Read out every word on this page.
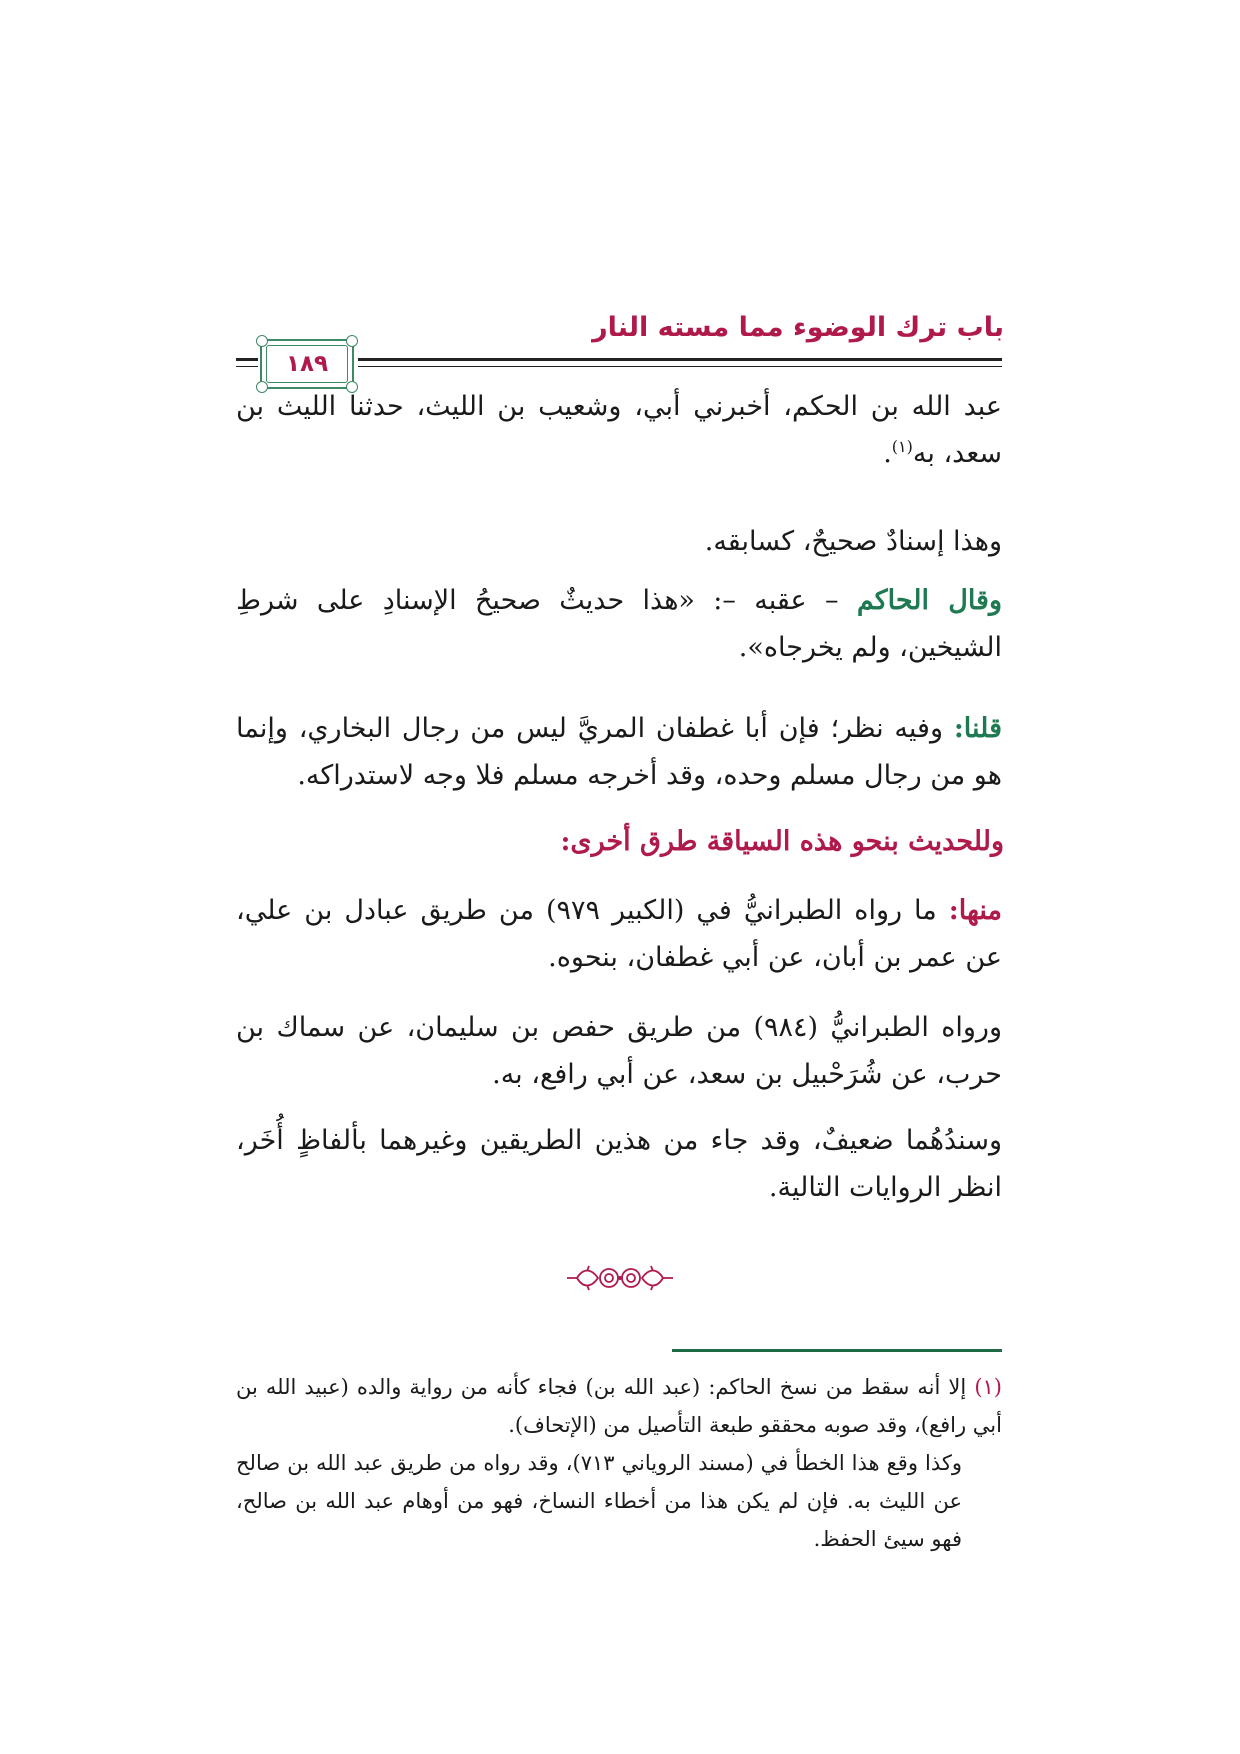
باب ترك الوضوء مما مسته النار
١٨٩

عبد الله بن الحكم، أخبرني أبي، وشعيب بن الليث، حدثنا الليث بن سعد، به$^{(١)}$.

وهذا إسنادٌ صحيحٌ، كسابقه.

وقال الحاكم – عقبه –: «هذا حديثٌ صحيحُ الإسنادِ على شرطِ الشيخين، ولم يخرجاه».

قلنا: وفيه نظر؛ فإن أبا غطفان المريَّ ليس من رجال البخاري، وإنما هو من رجال مسلم وحده، وقد أخرجه مسلم فلا وجه لاستدراكه.

وللحديث بنحو هذه السياقة طرق أخرى:

منها: ما رواه الطبرانيُّ في (الكبير ٩٧٩) من طريق عبادل بن علي، عن عمر بن أبان، عن أبي غطفان، بنحوه.

ورواه الطبرانيُّ (٩٨٤) من طريق حفص بن سليمان، عن سماك بن حرب، عن شُرَحْبيل بن سعد، عن أبي رافع، به.

وسندُهُما ضعيفٌ، وقد جاء من هذين الطريقين وغيرهما بألفاظٍ أُخَر، انظر الروايات التالية.

(١) إلا أنه سقط من نسخ الحاكم: (عبد الله بن) فجاء كأنه من رواية والده (عبيد الله بن أبي رافع)، وقد صوبه محققو طبعة التأصيل من (الإتحاف).

وكذا وقع هذا الخطأ في (مسند الروياني ٧١٣)، وقد رواه من طريق عبد الله بن صالح عن الليث به. فإن لم يكن هذا من أخطاء النساخ، فهو من أوهام عبد الله بن صالح، فهو سيئ الحفظ.
